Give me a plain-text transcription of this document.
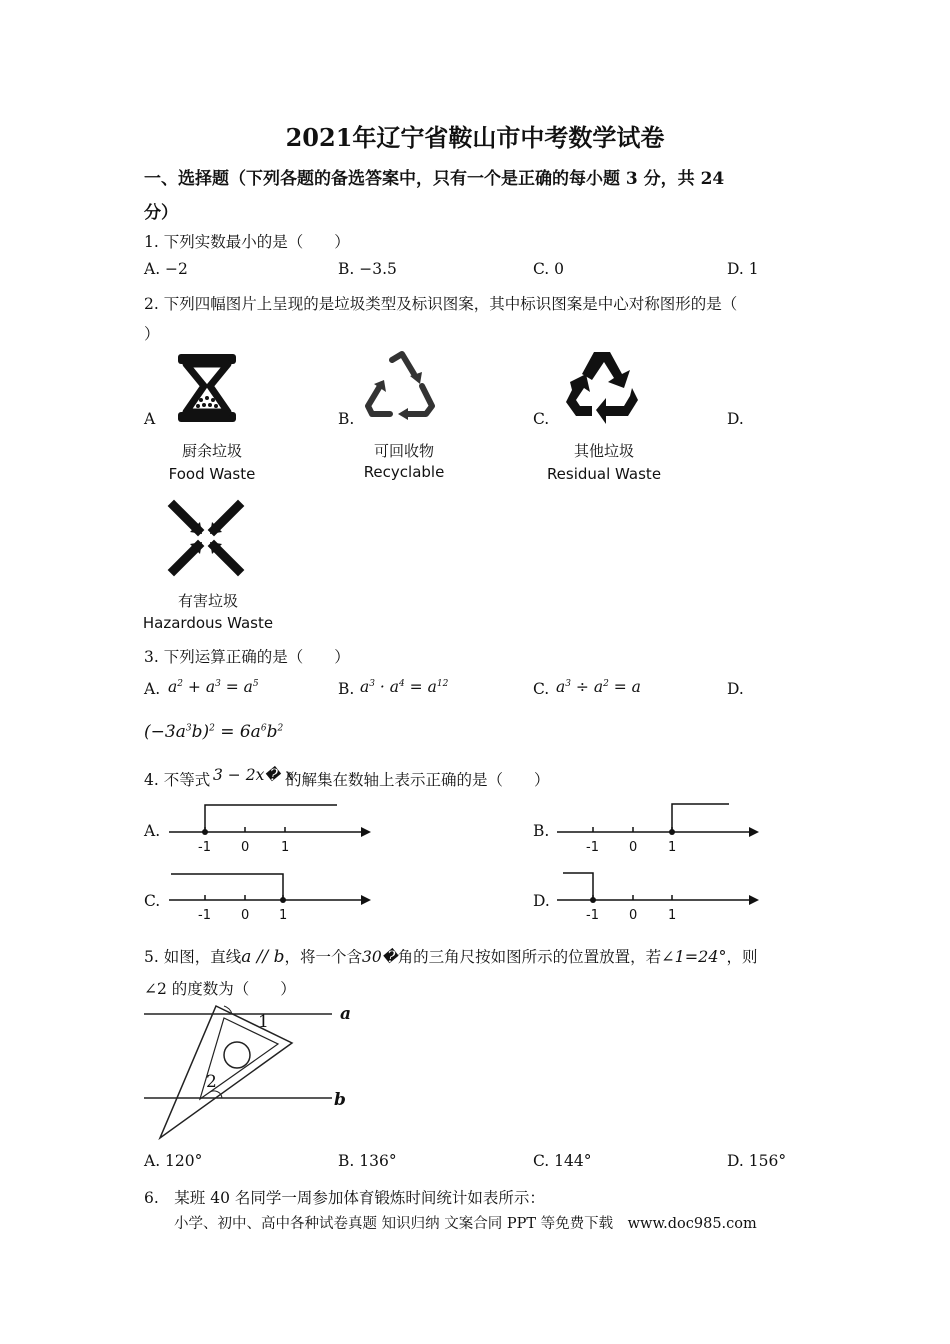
2021年辽宁省鞍山市中考数学试卷
一、选择题（下列各题的备选答案中，只有一个是正确的每小题 3 分，共 24
分）
1. 下列实数最小的是（　　）
A. −2	B. −3.5	C. 0	D. 1
2. 下列四幅图片上呈现的是垃圾类型及标识图案，其中标识图案是中心对称图形的是（
）
A	B.	C.	D.
厨余垃圾
Food Waste
可回收物
Recyclable
其他垃圾
Residual Waste
有害垃圾
Hazardous Waste
3. 下列运算正确的是（　　）
A. $a^2 + a^3 = a^5$	B. $a^3 \cdot a^4 = a^{12}$	C. $a^3 \div a^2 = a$	D.
$(-3a^3b)^2 = 6a^6b^2$
4. 不等式 3 − 2x� x
的解集在数轴上表示正确的是（　　）
A.
-1 0 1
B.
-1 0 1
C.
-1 0 1
D.
-1 0 1
5. 如图，直线a // b，将一个含30�角的三角尺按如图所示的位置放置，若∠1=24°，则
∠2 的度数为（　　）
a
b
1
2
A. 120°	B. 136°	C. 144°	D. 156°
6.　某班 40 名同学一周参加体育锻炼时间统计如表所示：
小学、初中、高中各种试卷真题 知识归纳 文案合同 PPT 等免费下载　www.doc985.com
